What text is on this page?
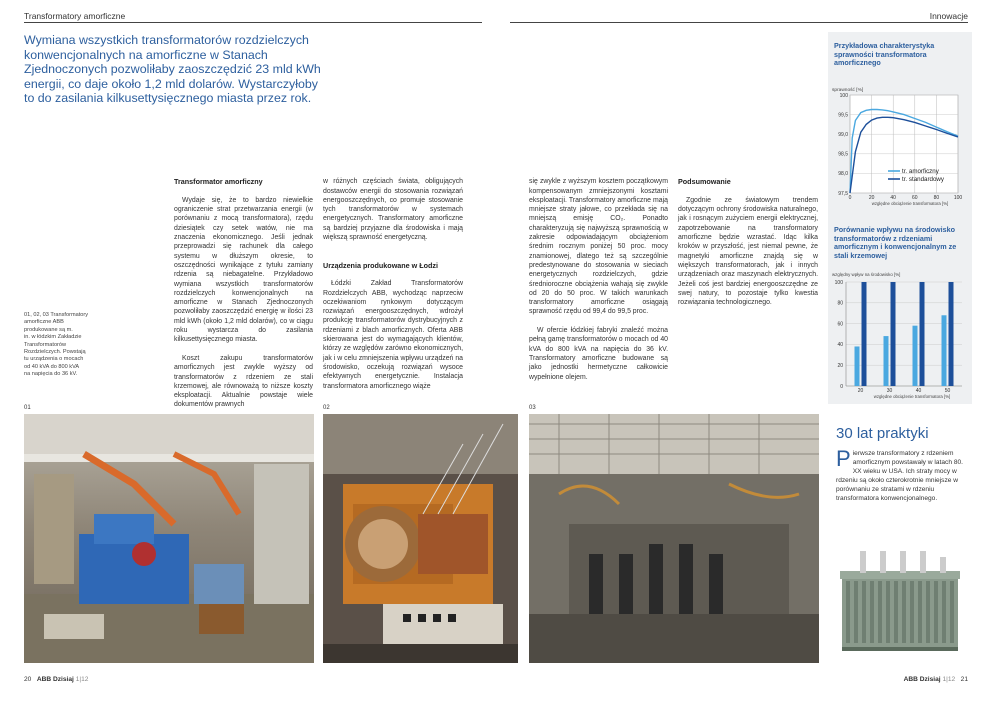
Transformatory amorficzne	Innowacje
Wymiana wszystkich transformatorów rozdzielczych konwencjonalnych na amorficzne w Stanach Zjednoczonych pozwoliłaby zaoszczędzić 23 mld kWh energii, co daje około 1,2 mld dolarów. Wystarczyłoby to do zasilania kilkusettysięcznego miasta przez rok.
01, 02, 03 Transformatory
amorficzne ABB
produkowane są m.
in. w łódzkim Zakładzie
Transformatorów
Rozdzielczych. Powstają
tu urządzenia o mocach
od 40 kVA do 800 kVA
na napięcia do 36 kV.

Transformator amorficzny

Wydaje się, że to bardzo niewielkie ograniczenie strat przetwarzania energii (w porównaniu z mocą transformatora), rzędu dziesiątek czy setek watów, nie ma znaczenia ekonomicznego. Jeśli jednak przeprowadzi się rachunek dla całego systemu w dłuższym okresie, to oszczędności wynikające z tytułu zamiany rdzenia są niebagatelne. Przykładowo wymiana wszystkich transformatorów rozdzielczych konwencjonalnych na amorficzne w Stanach Zjednoczonych pozwoliłaby zaoszczędzić energię w ilości 23 mld kWh (około 1,2 mld dolarów), co w ciągu roku wystarcza do zasilania kilkusettysięcznego miasta.

Koszt zakupu transformatorów amorficznych jest zwykle wyższy od transformatorów z rdzeniem ze stali krzemowej, ale równoważą to niższe koszty eksploatacji. Aktualnie powstaje wiele dokumentów prawnych

w różnych częściach świata, obligujących dostawców energii do stosowania rozwiązań energooszczędnych, co promuje stosowanie tych transformatorów w systemach energetycznych. Transformatory amorficzne są bardziej przyjazne dla środowiska i mają większą sprawność energetyczną.

Urządzenia produkowane w Łodzi

Łódzki Zakład Transformatorów Rozdzielczych ABB, wychodząc naprzeciw oczekiwaniom rynkowym dotyczącym rozwiązań energooszczędnych, wdrożył produkcję transformatorów dystrybucyjnych z rdzeniami z blach amorficznych. Oferta ABB skierowana jest do wymagających klientów, którzy ze względów zarówno ekonomicznych, jak i w celu zmniejszenia wpływu urządzeń na środowisko, oczekują rozwiązań wysoce efektywnych energetycznie. Instalacja transformatora amorficznego wiąże

się zwykle z wyższym kosztem początkowym kompensowanym zmniejszonymi kosztami eksploatacji. Transformatory amorficzne mają mniejsze straty jałowe, co przekłada się na mniejszą emisję CO₂. Ponadto charakteryzują się najwyższą sprawnością w zakresie odpowiadającym obciążeniom średnim rocznym poniżej 50 proc. mocy znamionowej, dlatego też są szczególnie predestynowane do stosowania w sieciach energetycznych rozdzielczych, gdzie średnioroczne obciążenia wahają się zwykle od 20 do 50 proc. W takich warunkach transformatory amorficzne osiągają sprawność rzędu od 99,4 do 99,5 proc.

W ofercie łódzkiej fabryki znaleźć można pełną gamę transformatorów o mocach od 40 kVA do 800 kVA na napięcia do 36 kV. Transformatory amorficzne budowane są jako jednostki hermetyczne całkowicie wypełnione olejem.

Podsumowanie

Zgodnie ze światowym trendem dotyczącym ochrony środowiska naturalnego, jak i rosnącym zużyciem energii elektrycznej, zapotrzebowanie na transformatory amorficzne będzie wzrastać. Idąc kilka kroków w przyszłość, jest niemal pewne, że magnetyki amorficzne znajdą się w większych transformatorach, jak i innych urządzeniach oraz maszynach elektrycznych. Jeżeli coś jest bardziej energooszczędne ze swej natury, to pozostaje tylko kwestia rozwiązania technologicznego.

01	02	03
Przykładowa charakterystyka sprawności transformatora amorficznego
sprawność [%]
97,5
98,0
98,5
99,0
99,5
100
0	20	40	60	80	100
względne obciążenie transformatora [%]
tr. amorficzny
tr. standardowy
Porównanie wpływu na środowisko transformatorów z rdzeniami amorficznym i konwencjonalnym ze stali krzemowej
względny wpływ na środowisko [%]
0
20
40
60
80
100
20	30	40	50
względne obciążenie transformatora [%]
30 lat praktyki
Pierwsze transformatory z rdzeniem amorficznym powstawały w latach 80. XX wieku w USA. Ich straty mocy w rdzeniu są około czterokrotnie mniejsze w porównaniu ze stratami w rdzeniu transformatora konwencjonalnego.
20 ABB Dzisiaj 1|12	ABB Dzisiaj 1|12 21
